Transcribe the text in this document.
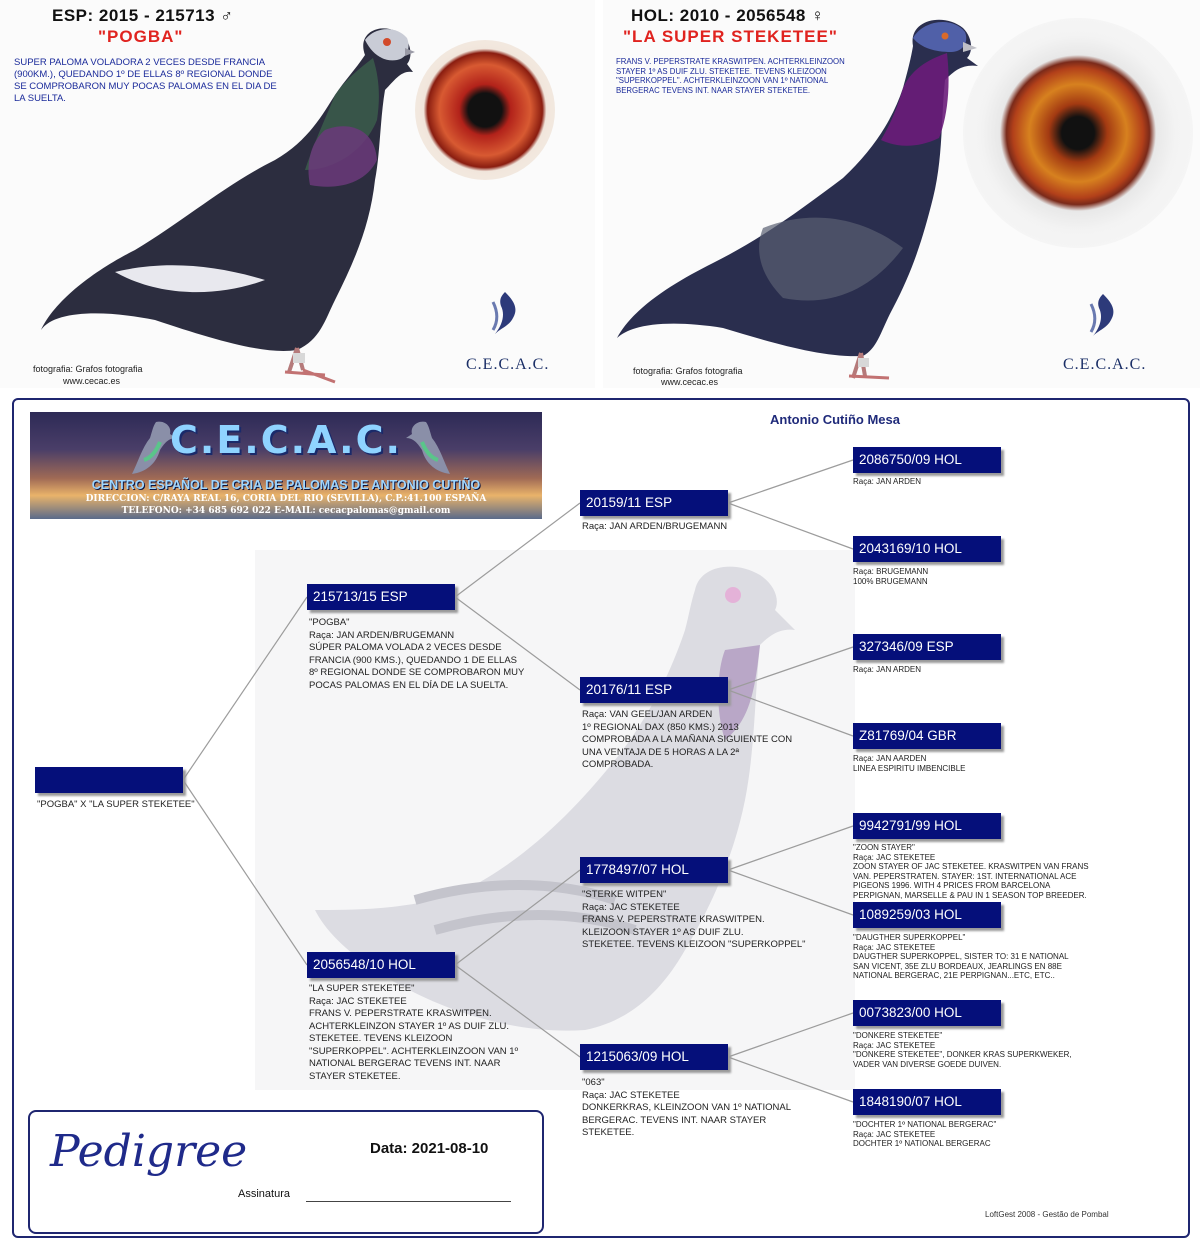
ESP: 2015 - 215713 ♂
"POGBA"
SUPER PALOMA VOLADORA 2 VECES DESDE FRANCIA (900KM.), QUEDANDO 1º DE ELLAS 8º REGIONAL DONDE SE COMPROBARON MUY POCAS PALOMAS EN EL DIA DE LA SUELTA.
C.E.C.A.C.
fotografia: Grafos fotografia
www.cecac.es
HOL: 2010 - 2056548 ♀
"LA SUPER STEKETEE"
FRANS V. PEPERSTRATE KRASWITPEN. ACHTERKLEINZOON STAYER 1º AS DUIF ZLU. STEKETEE. TEVENS KLEIZOON "SUPERKOPPEL". ACHTERKLEINZOON VAN 1º NATIONAL BERGERAC TEVENS INT. NAAR STAYER STEKETEE.
C.E.C.A.C.
fotografia: Grafos fotografia
www.cecac.es
Antonio Cutiño Mesa
C.E.C.A.C.
CENTRO ESPAÑOL DE CRIA DE PALOMAS DE ANTONIO CUTIÑO
DIRECCION: C/RAYA REAL 16, CORIA DEL RIO (SEVILLA), C.P.:41.100 ESPAÑA
TELEFONO: +34 685 692 022 E-MAIL: cecacpalomas@gmail.com
"POGBA" X "LA SUPER STEKETEE"
215713/15 ESP
"POGBA"
Raça: JAN ARDEN/BRUGEMANN
SÚPER PALOMA VOLADA 2 VECES DESDE
FRANCIA (900 KMS.), QUEDANDO 1 DE ELLAS
8º REGIONAL DONDE SE COMPROBARON MUY
POCAS PALOMAS EN EL DÍA DE LA SUELTA.
2056548/10 HOL
"LA SUPER STEKETEE"
Raça: JAC STEKETEE
FRANS V. PEPERSTRATE KRASWITPEN.
ACHTERKLEINZON STAYER 1º AS DUIF ZLU.
STEKETEE. TEVENS KLEIZOON
"SUPERKOPPEL". ACHTERKLEINZOON VAN 1º
NATIONAL BERGERAC TEVENS INT. NAAR
STAYER STEKETEE.
20159/11 ESP
Raça: JAN ARDEN/BRUGEMANN
20176/11 ESP
Raça: VAN GEEL/JAN ARDEN
1º REGIONAL DAX (850 KMS.) 2013
COMPROBADA A LA MAÑANA SIGUIENTE CON
UNA VENTAJA DE 5 HORAS A LA 2ª
COMPROBADA.
1778497/07 HOL
"STERKE WITPEN"
Raça: JAC STEKETEE
FRANS V. PEPERSTRATE KRASWITPEN.
KLEIZOON STAYER 1º AS DUIF ZLU.
STEKETEE. TEVENS KLEIZOON "SUPERKOPPEL"
1215063/09 HOL
"063"
Raça: JAC STEKETEE
DONKERKRAS, KLEINZOON VAN 1º NATIONAL
BERGERAC. TEVENS INT. NAAR STAYER
STEKETEE.
2086750/09 HOL
Raça: JAN ARDEN
2043169/10 HOL
Raça: BRUGEMANN
100% BRUGEMANN
327346/09 ESP
Raça: JAN ARDEN
Z81769/04 GBR
Raça: JAN AARDEN
LINEA ESPIRITU IMBENCIBLE
9942791/99 HOL
"ZOON STAYER"
Raça: JAC STEKETEE
ZOON STAYER OF JAC STEKETEE. KRASWITPEN VAN FRANS
VAN. PEPERSTRATEN. STAYER: 1ST. INTERNATIONAL ACE
PIGEONS 1996. WITH 4 PRICES FROM BARCELONA
PERPIGNAN, MARSELLE & PAU IN 1 SEASON TOP BREEDER.
1089259/03 HOL
"DAUGTHER SUPERKOPPEL"
Raça: JAC STEKETEE
DAUGTHER SUPERKOPPEL, SISTER TO: 31 E NATIONAL
SAN VICENT, 35E ZLU BORDEAUX, JEARLINGS EN 88E
NATIONAL BERGERAC, 21E PERPIGNAN...ETC, ETC..
0073823/00 HOL
"DONKERE STEKETEE"
Raça: JAC STEKETEE
"DONKERE STEKETEE", DONKER KRAS SUPERKWEKER,
VADER VAN DIVERSE GOEDE DUIVEN.
1848190/07 HOL
"DOCHTER 1º NATIONAL BERGERAC"
Raça: JAC STEKETEE
DOCHTER 1º NATIONAL BERGERAC
Pedigree	Data: 2021-08-10
Assinatura
LoftGest 2008 - Gestão de Pombal
